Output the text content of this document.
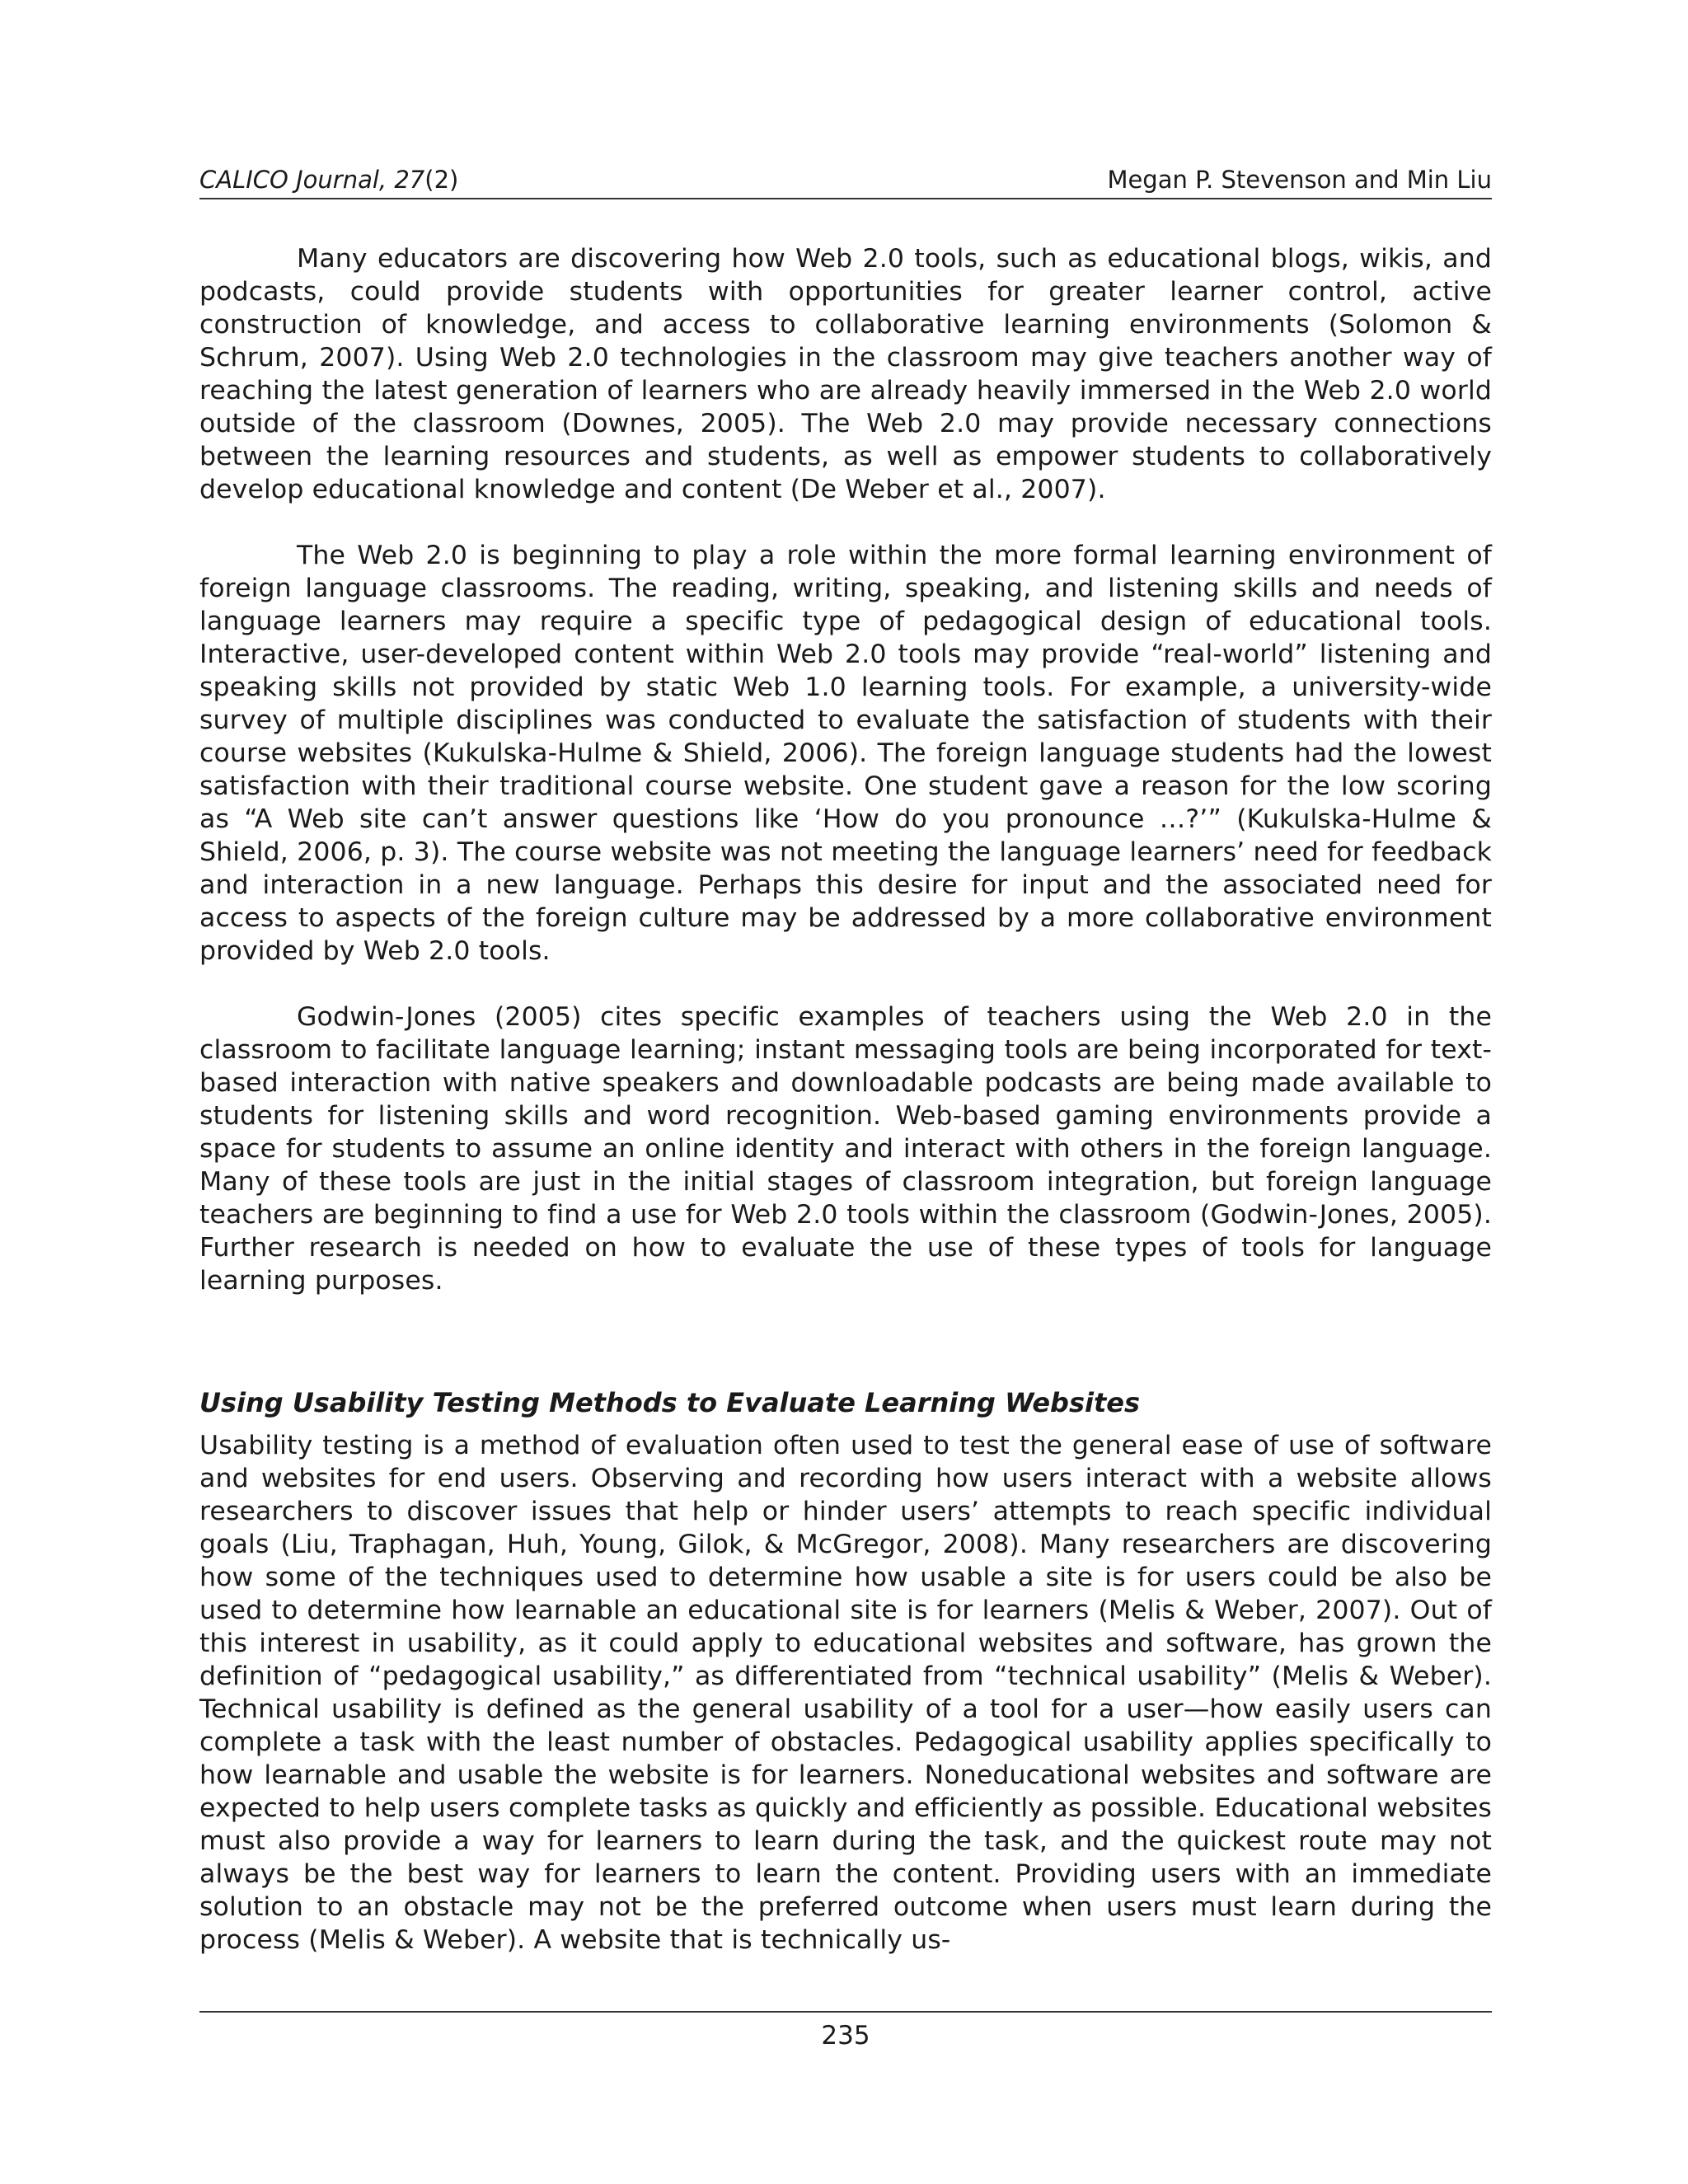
CALICO Journal, 27(2)	Megan P. Stevenson and Min Liu

Many educators are discovering how Web 2.0 tools, such as educational blogs, wikis, and podcasts, could provide students with opportunities for greater learner control, active construction of knowledge, and access to collaborative learning environments (Solomon & Schrum, 2007). Using Web 2.0 technologies in the classroom may give teachers another way of reaching the latest generation of learners who are already heavily immersed in the Web 2.0 world outside of the classroom (Downes, 2005). The Web 2.0 may provide necessary connections between the learning resources and students, as well as empower students to collaboratively develop educational knowledge and content (De Weber et al., 2007).

The Web 2.0 is beginning to play a role within the more formal learning environment of foreign language classrooms. The reading, writing, speaking, and listening skills and needs of language learners may require a specific type of pedagogical design of educational tools. Interactive, user-developed content within Web 2.0 tools may provide “real-world” listening and speaking skills not provided by static Web 1.0 learning tools. For example, a university-wide survey of multiple disciplines was conducted to evaluate the satisfaction of students with their course websites (Kukulska-Hulme & Shield, 2006). The foreign language students had the lowest satisfaction with their traditional course website. One student gave a reason for the low scoring as “A Web site can’t answer questions like ‘How do you pronounce …?’” (Kukulska-Hulme & Shield, 2006, p. 3). The course website was not meeting the language learners’ need for feedback and interaction in a new language. Perhaps this desire for input and the associated need for access to aspects of the foreign culture may be addressed by a more collaborative environment provided by Web 2.0 tools.

Godwin-Jones (2005) cites specific examples of teachers using the Web 2.0 in the classroom to facilitate language learning; instant messaging tools are being incorporated for text-based interaction with native speakers and downloadable podcasts are being made available to students for listening skills and word recognition. Web-based gaming environments provide a space for students to assume an online identity and interact with others in the foreign language. Many of these tools are just in the initial stages of classroom integration, but foreign language teachers are beginning to find a use for Web 2.0 tools within the classroom (Godwin-Jones, 2005). Further research is needed on how to evaluate the use of these types of tools for language learning purposes.

Using Usability Testing Methods to Evaluate Learning Websites

Usability testing is a method of evaluation often used to test the general ease of use of software and websites for end users. Observing and recording how users interact with a website allows researchers to discover issues that help or hinder users’ attempts to reach specific individual goals (Liu, Traphagan, Huh, Young, Gilok, & McGregor, 2008). Many researchers are discovering how some of the techniques used to determine how usable a site is for users could be also be used to determine how learnable an educational site is for learners (Melis & Weber, 2007). Out of this interest in usability, as it could apply to educational websites and software, has grown the definition of “pedagogical usability,” as differentiated from “technical usability” (Melis & Weber). Technical usability is defined as the general usability of a tool for a user—how easily users can complete a task with the least number of obstacles. Pedagogical usability applies specifically to how learnable and usable the website is for learners. Noneducational websites and software are expected to help users complete tasks as quickly and efficiently as possible. Educational websites must also provide a way for learners to learn during the task, and the quickest route may not always be the best way for learners to learn the content. Providing users with an immediate solution to an obstacle may not be the preferred outcome when users must learn during the process (Melis & Weber). A website that is technically us-

235
